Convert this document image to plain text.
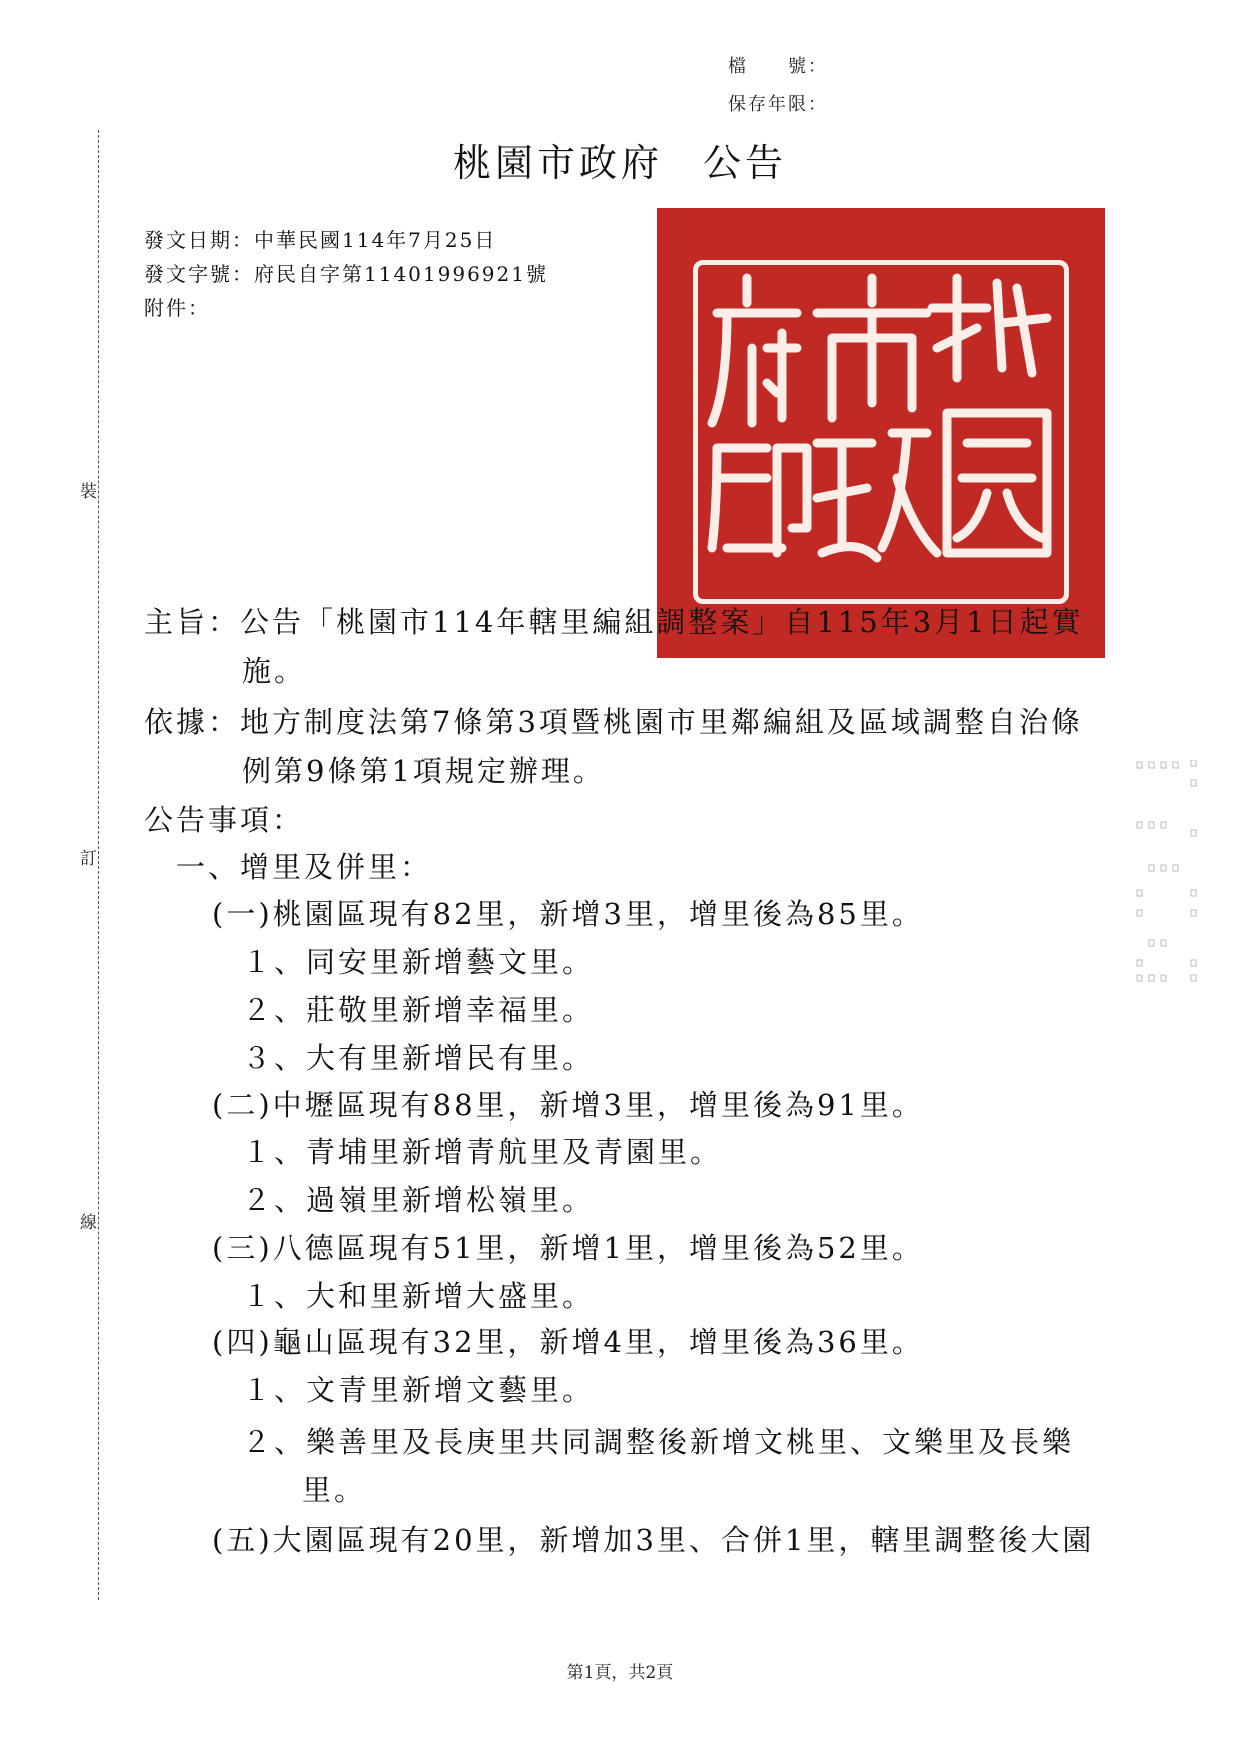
裝
訂
線
檔　　號：
保存年限：
桃園市政府 公告
發文日期：中華民國114年7月25日
發文字號：府民自字第11401996921號
附件：
主旨：公告「桃園市114年轄里編組調整案」自115年3月1日起實
施。
依據：地方制度法第7條第3項暨桃園市里鄰編組及區域調整自治條
例第9條第1項規定辦理。
公告事項：
一、增里及併里：
(一)桃園區現有82里，新增3里，增里後為85里。
１、同安里新增藝文里。
２、莊敬里新增幸福里。
３、大有里新增民有里。
(二)中壢區現有88里，新增3里，增里後為91里。
１、青埔里新增青航里及青園里。
２、過嶺里新增松嶺里。
(三)八德區現有51里，新增1里，增里後為52里。
１、大和里新增大盛里。
(四)龜山區現有32里，新增4里，增里後為36里。
１、文青里新增文藝里。
２、樂善里及長庚里共同調整後新增文桃里、文樂里及長樂
里。
(五)大園區現有20里，新增加3里、合併1里，轄里調整後大園
第1頁，共2頁
